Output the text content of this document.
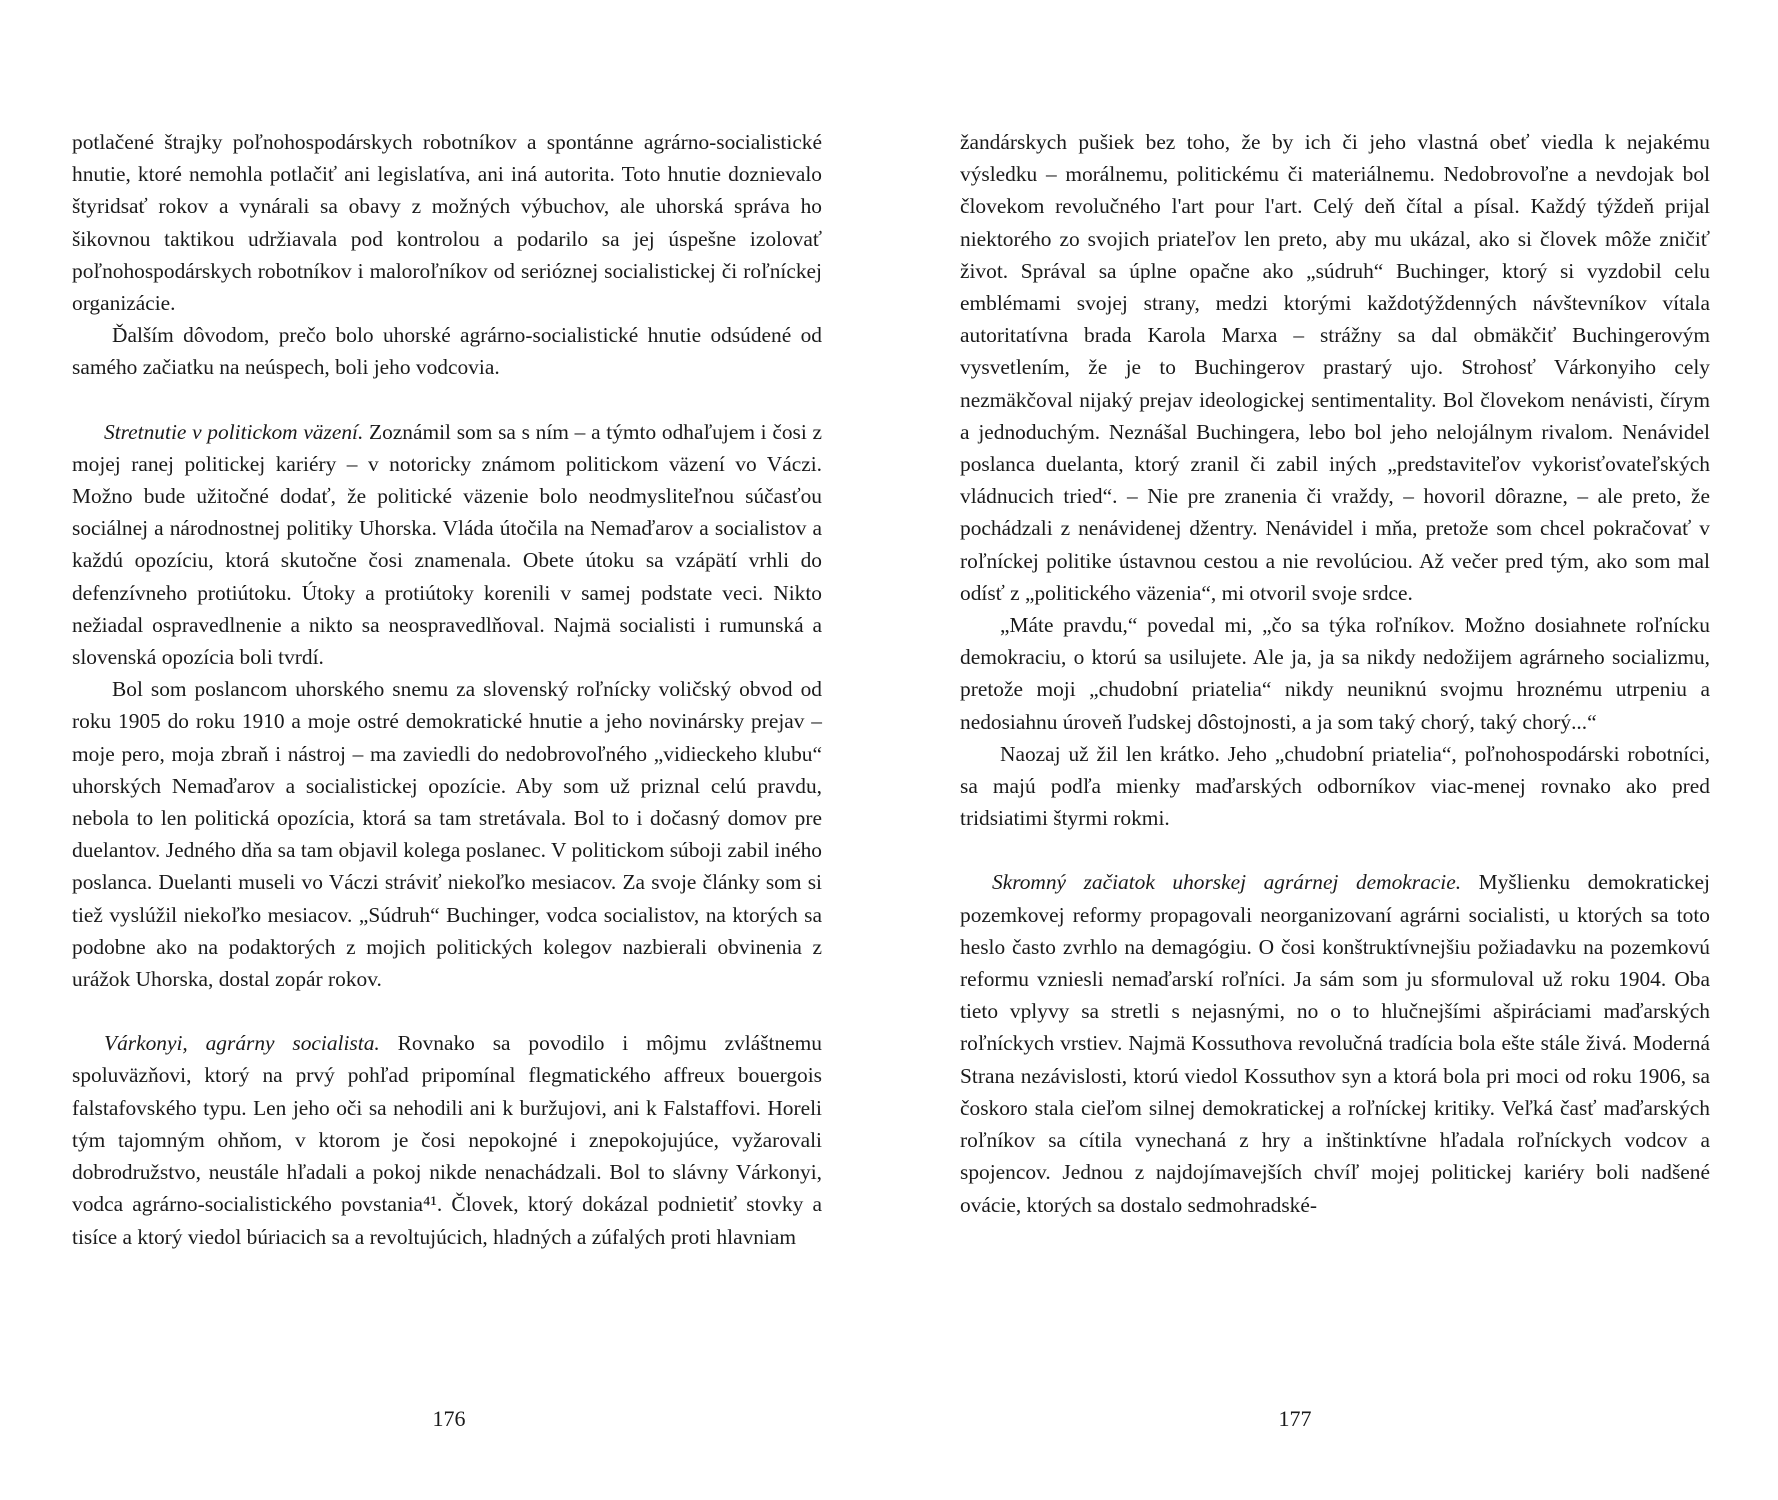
potlačené štrajky poľnohospodárskych robotníkov a spontánne agrárno-socialistické hnutie, ktoré nemohla potlačiť ani legislatíva, ani iná autorita. Toto hnutie doznievalo štyridsať rokov a vynárali sa obavy z možných výbuchov, ale uhorská správa ho šikovnou taktikou udržiavala pod kontrolou a podarilo sa jej úspešne izolovať poľnohospodárskych robotníkov i maloroľníkov od serióznej socialistickej či roľníckej organizácie.

Ďalším dôvodom, prečo bolo uhorské agrárno-socialistické hnutie odsúdené od samého začiatku na neúspech, boli jeho vodcovia.

Stretnutie v politickom väzení. Zoznámil som sa s ním – a týmto odhaľujem i čosi z mojej ranej politickej kariéry – v notoricky známom politickom väzení vo Váczi. Možno bude užitočné dodať, že politické väzenie bolo neodmysliteľnou súčasťou sociálnej a národnostnej politiky Uhorska. Vláda útočila na Nemaďarov a socialistov a každú opozíciu, ktorá skutočne čosi znamenala. Obete útoku sa vzápätí vrhli do defenzívneho protiútoku. Útoky a protiútoky korenili v samej podstate veci. Nikto nežiadal ospravedlnenie a nikto sa neospravedlňoval. Najmä socialisti i rumunská a slovenská opozícia boli tvrdí.

Bol som poslancom uhorského snemu za slovenský roľnícky voličský obvod od roku 1905 do roku 1910 a moje ostré demokratické hnutie a jeho novinársky prejav – moje pero, moja zbraň i nástroj – ma zaviedli do nedobrovoľného „vidieckeho klubu“ uhorských Nemaďarov a socialistickej opozície. Aby som už priznal celú pravdu, nebola to len politická opozícia, ktorá sa tam stretávala. Bol to i dočasný domov pre duelantov. Jedného dňa sa tam objavil kolega poslanec. V politickom súboji zabil iného poslanca. Duelanti museli vo Váczi stráviť niekoľko mesiacov. Za svoje články som si tiež vyslúžil niekoľko mesiacov. „Súdruh“ Buchinger, vodca socialistov, na ktorých sa podobne ako na podaktorých z mojich politických kolegov nazbierali obvinenia z urážok Uhorska, dostal zopár rokov.

Várkonyi, agrárny socialista. Rovnako sa povodilo i môjmu zvláštnemu spoluväzňovi, ktorý na prvý pohľad pripomínal flegmatického affreux bouergois falstafovského typu. Len jeho oči sa nehodili ani k buržujovi, ani k Falstaffovi. Horeli tým tajomným ohňom, v ktorom je čosi nepokojné i znepokojujúce, vyžarovali dobrodružstvo, neustále hľadali a pokoj nikde nenachádzali. Bol to slávny Várkonyi, vodca agrárno-socialistického povstania⁴¹. Človek, ktorý dokázal podnietiť stovky a tisíce a ktorý viedol búriacich sa a revoltujúcich, hladných a zúfalých proti hlavniam

176

žandárskych pušiek bez toho, že by ich či jeho vlastná obeť viedla k nejakému výsledku – morálnemu, politickému či materiálnemu. Nedobrovoľne a nevdojak bol človekom revolučného l'art pour l'art. Celý deň čítal a písal. Každý týždeň prijal niektorého zo svojich priateľov len preto, aby mu ukázal, ako si človek môže zničiť život. Správal sa úplne opačne ako „súdruh“ Buchinger, ktorý si vyzdobil celu emblémami svojej strany, medzi ktorými každotýždenných návštevníkov vítala autoritatívna brada Karola Marxa – strážny sa dal obmäkčiť Buchingerovým vysvetlením, že je to Buchingerov prastarý ujo. Strohosť Várkonyiho cely nezmäkčoval nijaký prejav ideologickej sentimentality. Bol človekom nenávisti, čírym a jednoduchým. Neznášal Buchingera, lebo bol jeho nelojálnym rivalom. Nenávidel poslanca duelanta, ktorý zranil či zabil iných „predstaviteľov vykorisťovateľských vládnucich tried“. – Nie pre zranenia či vraždy, – hovoril dôrazne, – ale preto, že pochádzali z nenávidenej džentry. Nenávidel i mňa, pretože som chcel pokračovať v roľníckej politike ústavnou cestou a nie revolúciou. Až večer pred tým, ako som mal odísť z „politického väzenia“, mi otvoril svoje srdce.

„Máte pravdu,“ povedal mi, „čo sa týka roľníkov. Možno dosiahnete roľnícku demokraciu, o ktorú sa usilujete. Ale ja, ja sa nikdy nedožijem agrárneho socializmu, pretože moji „chudobní priatelia“ nikdy neuniknú svojmu hroznému utrpeniu a nedosiahnu úroveň ľudskej dôstojnosti, a ja som taký chorý, taký chorý...“

Naozaj už žil len krátko. Jeho „chudobní priatelia“, poľnohospodárski robotníci, sa majú podľa mienky maďarských odborníkov viac-menej rovnako ako pred tridsiatimi štyrmi rokmi.

Skromný začiatok uhorskej agrárnej demokracie. Myšlienku demokratickej pozemkovej reformy propagovali neorganizovaní agrárni socialisti, u ktorých sa toto heslo často zvrhlo na demagógiu. O čosi konštruktívnejšiu požiadavku na pozemkovú reformu vzniesli nemaďarskí roľníci. Ja sám som ju sformuloval už roku 1904. Oba tieto vplyvy sa stretli s nejasnými, no o to hlučnejšími ašpiráciami maďarských roľníckych vrstiev. Najmä Kossuthova revolučná tradícia bola ešte stále živá. Moderná Strana nezávislosti, ktorú viedol Kossuthov syn a ktorá bola pri moci od roku 1906, sa čoskoro stala cieľom silnej demokratickej a roľníckej kritiky. Veľká časť maďarských roľníkov sa cítila vynechaná z hry a inštinktívne hľadala roľníckych vodcov a spojencov. Jednou z najdojímavejších chvíľ mojej politickej kariéry boli nadšené ovácie, ktorých sa dostalo sedmohradské-

177
